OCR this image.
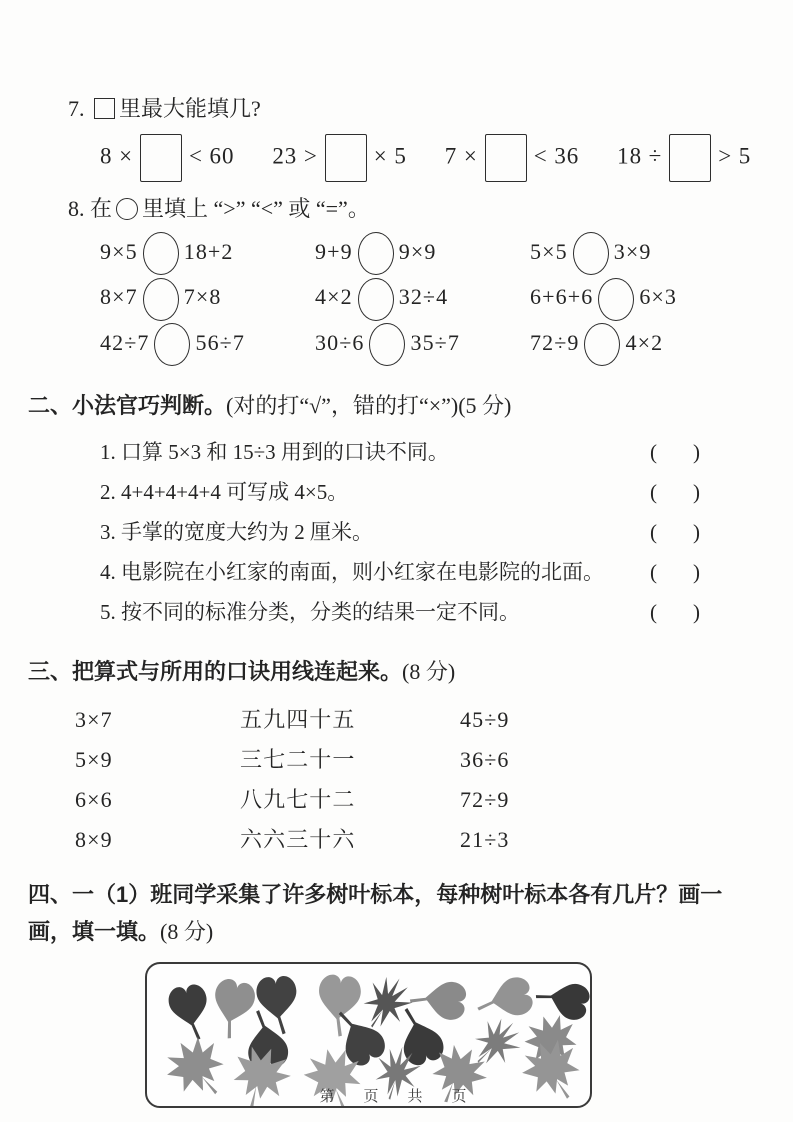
7. 里最大能填几?
8 × < 60 23 > × 5 7 × < 36 18 ÷ > 5
8. 在 里填上 “>” “<” 或 “=”。
9×5 18+2	9+9 9×9	5×5 3×9
8×7 7×8	4×2 32÷4	6+6+6 6×3
42÷7 56÷7	30÷6 35÷7	72÷9 4×2
二、小法官巧判断。(对的打“√”，错的打“×”)(5 分)
1. 口算 5×3 和 15÷3 用到的口诀不同。	( )
2. 4+4+4+4+4 可写成 4×5。	( )
3. 手掌的宽度大约为 2 厘米。	( )
4. 电影院在小红家的南面，则小红家在电影院的北面。 ( )
5. 按不同的标准分类，分类的结果一定不同。	( )
三、把算式与所用的口诀用线连起来。(8 分)
3×7	五九四十五	45÷9
5×9	三七二十一	36÷6
6×6	八九七十二	72÷9
8×9	六六三十六	21÷3
四、一（1）班同学采集了许多树叶标本，每种树叶标本各有几片？画一
画，填一填。(8 分)
第　页　共　页
